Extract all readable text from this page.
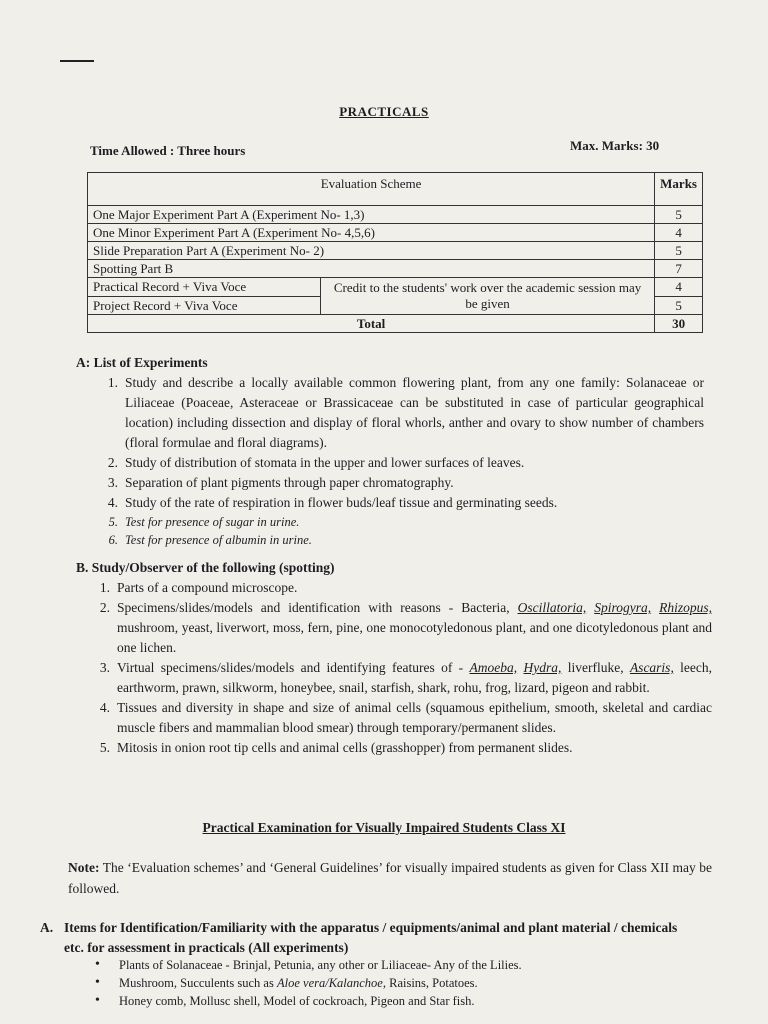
PRACTICALS
Time Allowed : Three hours	Max. Marks: 30
Evaluation Scheme		Marks
One Major Experiment Part A (Experiment No- 1,3)		5
One Minor Experiment Part A (Experiment No- 4,5,6)		4
Slide Preparation Part A (Experiment No- 2)		5
Spotting Part B		7
Practical Record + Viva Voce	Credit to the students' work over the academic session may be given	4
Project Record + Viva Voce		5
Total		30
A: List of Experiments
1. Study and describe a locally available common flowering plant, from any one family: Solanaceae or Liliaceae (Poaceae, Asteraceae or Brassicaceae can be substituted in case of particular geographical location) including dissection and display of floral whorls, anther and ovary to show number of chambers (floral formulae and floral diagrams).
2. Study of distribution of stomata in the upper and lower surfaces of leaves.
3. Separation of plant pigments through paper chromatography.
4. Study of the rate of respiration in flower buds/leaf tissue and germinating seeds.
5. Test for presence of sugar in urine.
6. Test for presence of albumin in urine.
B. Study/Observer of the following (spotting)
1. Parts of a compound microscope.
2. Specimens/slides/models and identification with reasons - Bacteria, Oscillatoria, Spirogyra, Rhizopus, mushroom, yeast, liverwort, moss, fern, pine, one monocotyledonous plant, and one dicotyledonous plant and one lichen.
3. Virtual specimens/slides/models and identifying features of - Amoeba, Hydra, liverfluke, Ascaris, leech, earthworm, prawn, silkworm, honeybee, snail, starfish, shark, rohu, frog, lizard, pigeon and rabbit.
4. Tissues and diversity in shape and size of animal cells (squamous epithelium, smooth, skeletal and cardiac muscle fibers and mammalian blood smear) through temporary/permanent slides.
5. Mitosis in onion root tip cells and animal cells (grasshopper) from permanent slides.
Practical Examination for Visually Impaired Students Class XI
Note: The ‘Evaluation schemes’ and ‘General Guidelines’ for visually impaired students as given for Class XII may be followed.
A. Items for Identification/Familiarity with the apparatus / equipments/animal and plant material / chemicals etc. for assessment in practicals (All experiments)
• Plants of Solanaceae - Brinjal, Petunia, any other or Liliaceae- Any of the Lilies.
• Mushroom, Succulents such as Aloe vera/Kalanchoe, Raisins, Potatoes.
• Honey comb, Mollusc shell, Model of cockroach, Pigeon and Star fish.
